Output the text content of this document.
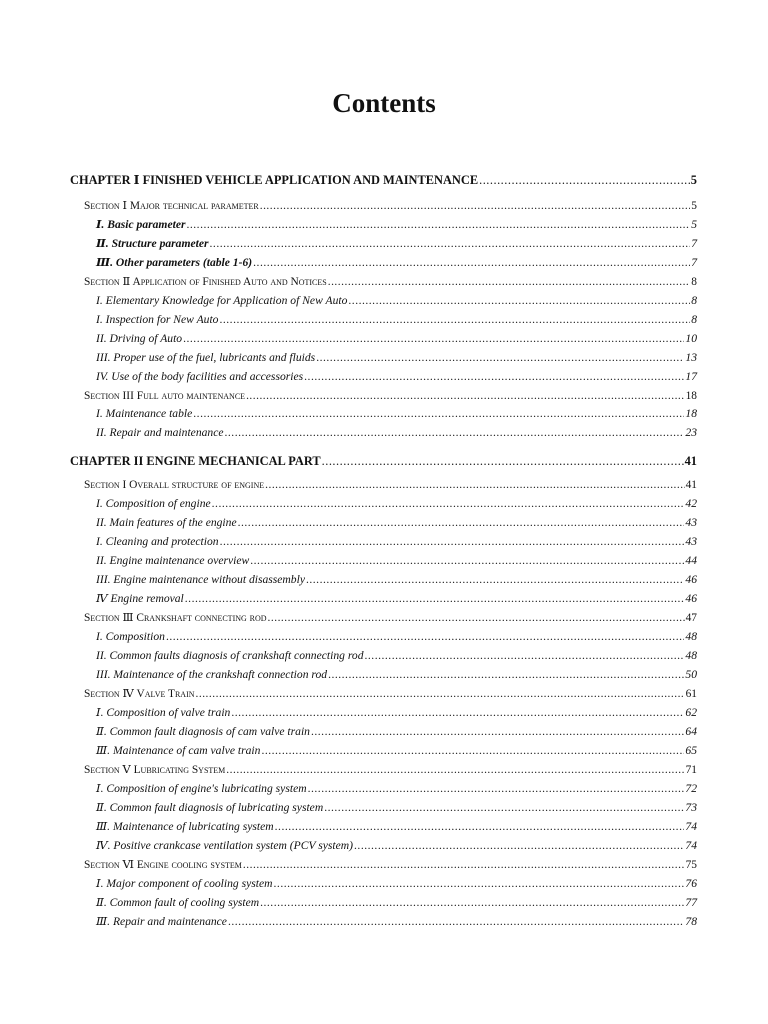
Contents
CHAPTER Ⅰ FINISHED VEHICLE APPLICATION AND MAINTENANCE .....	5
Section Ⅰ Major technical parameter .....	5
Ⅰ. Basic parameter .....	5
Ⅱ. Structure parameter .....	7
Ⅲ. Other parameters (table 1-6) .....	7
Section Ⅱ Application of Finished Auto and Notices .....	8
I. Elementary Knowledge for Application of New Auto .....	8
I. Inspection for New Auto .....	8
II. Driving of Auto .....	10
III. Proper use of the fuel, lubricants and fluids .....	13
IV. Use of the body facilities and accessories .....	17
Section III Full auto maintenance .....	18
I. Maintenance table .....	18
II. Repair and maintenance .....	23
CHAPTER II ENGINE MECHANICAL PART .....	41
Section I Overall structure of engine .....	41
I. Composition of engine .....	42
II. Main features of the engine .....	43
I. Cleaning and protection .....	43
II. Engine maintenance overview .....	44
III. Engine maintenance without disassembly .....	46
Ⅳ Engine removal .....	46
Section Ⅲ Crankshaft connecting rod .....	47
I. Composition .....	48
II. Common faults diagnosis of crankshaft connecting rod .....	48
III. Maintenance of the crankshaft connection rod .....	50
Section Ⅳ Valve Train .....	61
Ⅰ. Composition of valve train .....	62
Ⅱ. Common fault diagnosis of cam valve train .....	64
Ⅲ. Maintenance of cam valve train .....	65
Section Ⅴ Lubricating System .....	71
Ⅰ. Composition of engine's lubricating system .....	72
Ⅱ. Common fault diagnosis of lubricating system .....	73
Ⅲ. Maintenance of lubricating system .....	74
Ⅳ. Positive crankcase ventilation system (PCV system) .....	74
Section Ⅵ Engine cooling system .....	75
Ⅰ. Major component of cooling system .....	76
Ⅱ. Common fault of cooling system .....	77
Ⅲ. Repair and maintenance .....	78
